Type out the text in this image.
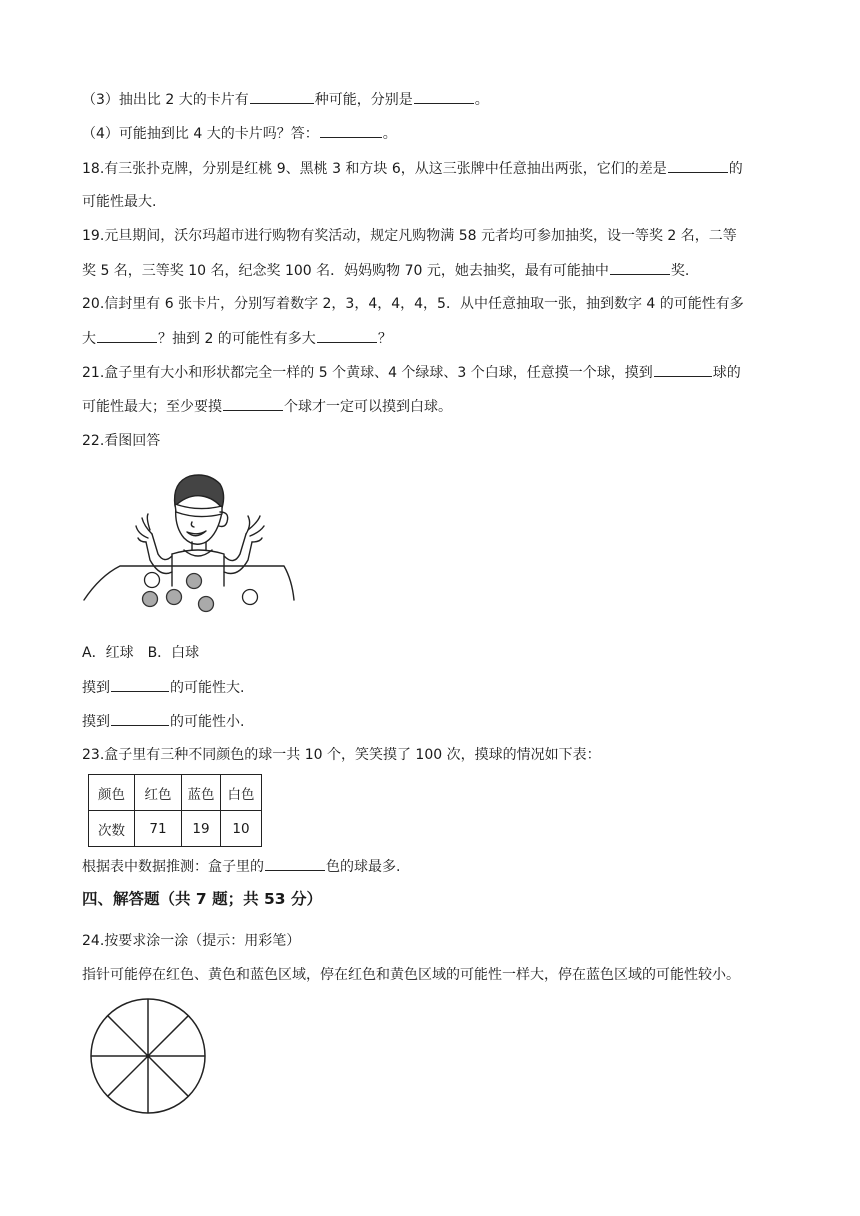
（3）抽出比 2 大的卡片有	种可能，分别是	。
（4）可能抽到比 4 大的卡片吗？答：	。
18.有三张扑克牌，分别是红桃 9、黑桃 3 和方块 6，从这三张牌中任意抽出两张，它们的差是	的
可能性最大.
19.元旦期间，沃尔玛超市进行购物有奖活动，规定凡购物满 58 元者均可参加抽奖，设一等奖 2 名，二等
奖 5 名，三等奖 10 名，纪念奖 100 名．妈妈购物 70 元，她去抽奖，最有可能抽中	奖.
20.信封里有 6 张卡片，分别写着数字 2，3，4，4，4，5．从中任意抽取一张，抽到数字 4 的可能性有多
大	？抽到 2 的可能性有多大	？
21.盒子里有大小和形状都完全一样的 5 个黄球、4 个绿球、3 个白球，任意摸一个球，摸到	球的
可能性最大；至少要摸	个球才一定可以摸到白球。
22.看图回答
A．红球　B．白球
摸到	的可能性大.
摸到	的可能性小.
23.盒子里有三种不同颜色的球一共 10 个，笑笑摸了 100 次，摸球的情况如下表：
颜色	红色	蓝色	白色
次数	71	19	10
根据表中数据推测：盒子里的	色的球最多.
四、解答题（共 7 题；共 53 分）
24.按要求涂一涂（提示：用彩笔）
指针可能停在红色、黄色和蓝色区域，停在红色和黄色区域的可能性一样大，停在蓝色区域的可能性较小。
